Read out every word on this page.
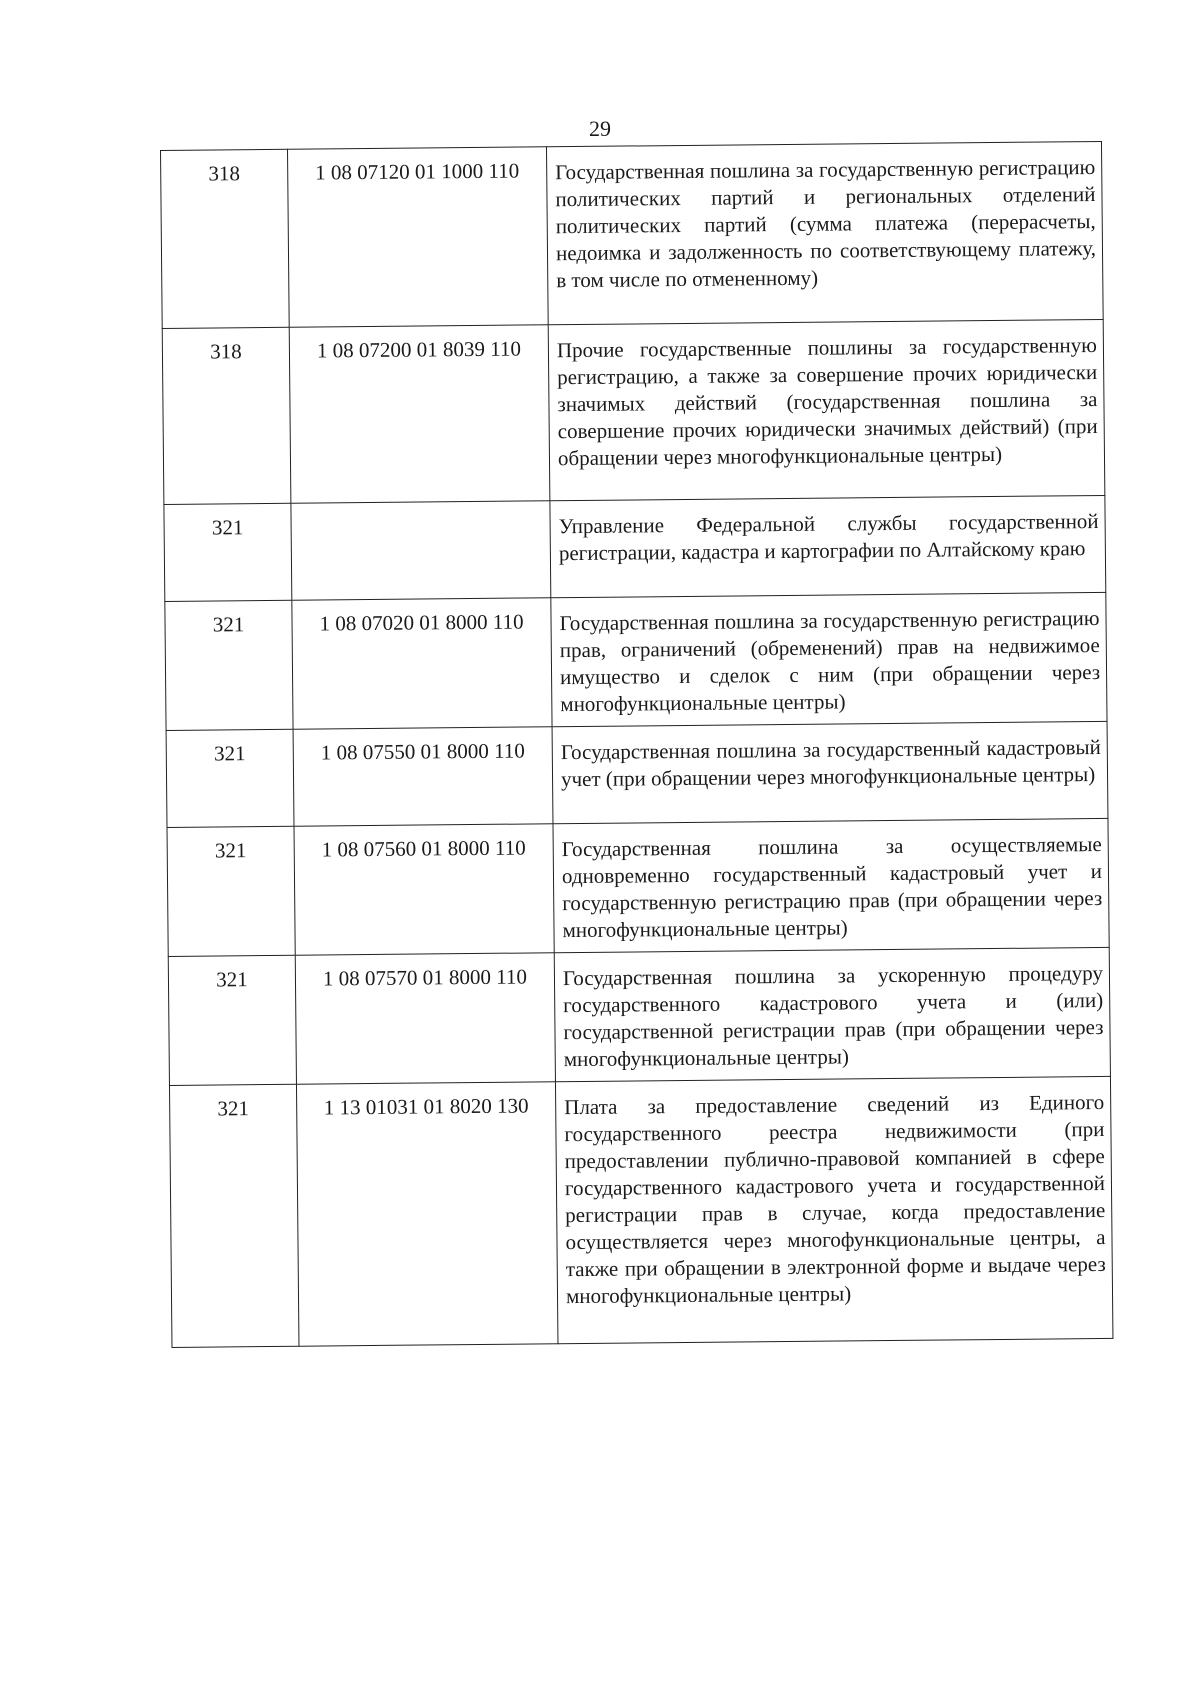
29
318	1 08 07120 01 1000 110	Государственная пошлина за государственную регистрацию политических партий и региональных отделений политических партий (сумма платежа (перерасчеты, недоимка и задолженность по соответствующему платежу, в том числе по отмененному)
318	1 08 07200 01 8039 110	Прочие государственные пошлины за государственную регистрацию, а также за совершение прочих юридически значимых действий (государственная пошлина за совершение прочих юридически значимых действий) (при обращении через многофункциональные центры)
321		Управление Федеральной службы государственной регистрации, кадастра и картографии по Алтайскому краю
321	1 08 07020 01 8000 110	Государственная пошлина за государственную регистрацию прав, ограничений (обременений) прав на недвижимое имущество и сделок с ним (при обращении через многофункциональные центры)
321	1 08 07550 01 8000 110	Государственная пошлина за государственный кадастровый учет (при обращении через многофункциональные центры)
321	1 08 07560 01 8000 110	Государственная пошлина за осуществляемые одновременно государственный кадастровый учет и государственную регистрацию прав (при обращении через многофункциональные центры)
321	1 08 07570 01 8000 110	Государственная пошлина за ускоренную процедуру государственного кадастрового учета и (или) государственной регистрации прав (при обращении через многофункциональные центры)
321	1 13 01031 01 8020 130	Плата за предоставление сведений из Единого государственного реестра недвижимости (при предоставлении публично-правовой компанией в сфере государственного кадастрового учета и государственной регистрации прав в случае, когда предоставление осуществляется через многофункциональные центры, а также при обращении в электронной форме и выдаче через многофункциональные центры)
